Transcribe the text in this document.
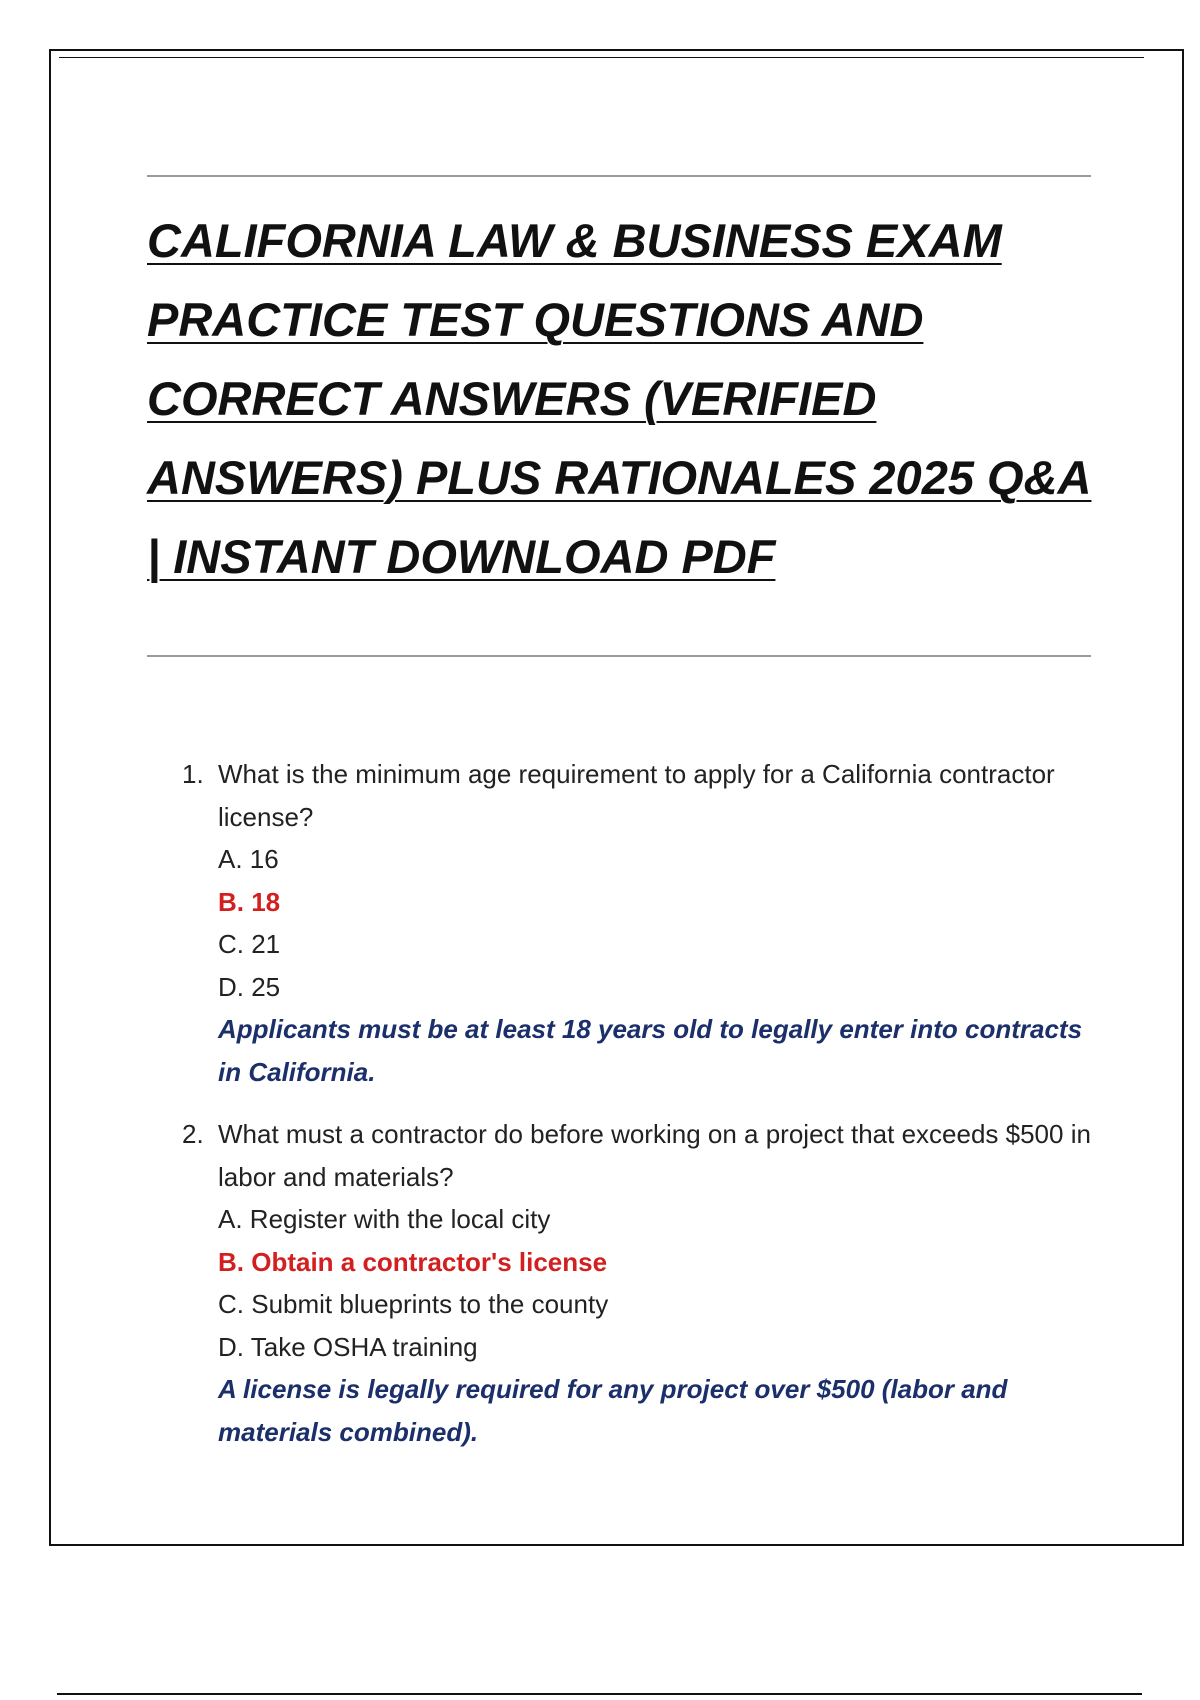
CALIFORNIA LAW & BUSINESS EXAM
PRACTICE TEST QUESTIONS AND
CORRECT ANSWERS (VERIFIED
ANSWERS) PLUS RATIONALES 2025 Q&A
| INSTANT DOWNLOAD PDF
1. What is the minimum age requirement to apply for a California contractor license?
A. 16
B. 18
C. 21
D. 25
Applicants must be at least 18 years old to legally enter into contracts in California.
2. What must a contractor do before working on a project that exceeds $500 in labor and materials?
A. Register with the local city
B. Obtain a contractor's license
C. Submit blueprints to the county
D. Take OSHA training
A license is legally required for any project over $500 (labor and materials combined).
